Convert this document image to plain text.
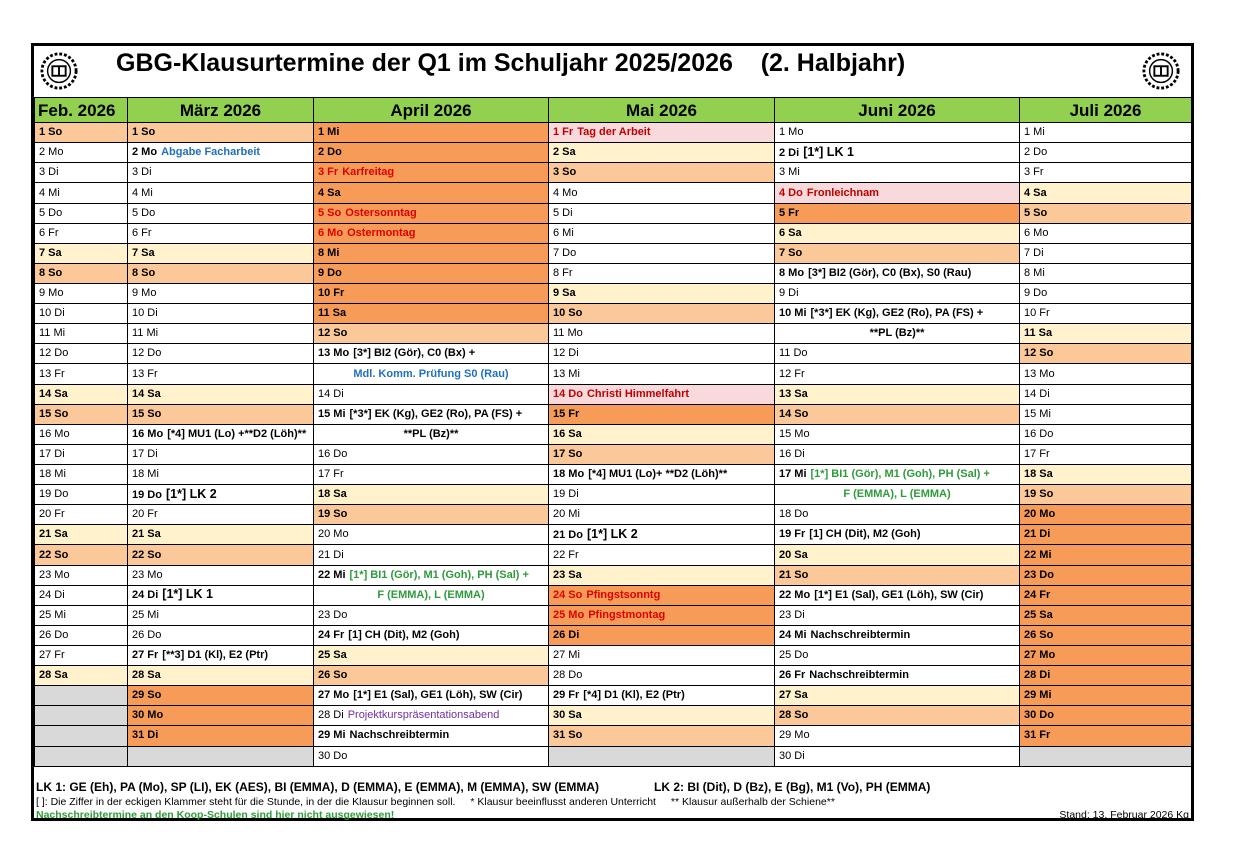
GBG-Klausurtermine der Q1 im Schuljahr 2025/2026    (2. Halbjahr)
Feb. 2026	März 2026	April 2026	Mai 2026	Juni 2026	Juli 2026
1 So	1 So	1 Mi	1 Fr Tag der Arbeit	1 Mo	1 Mi
2 Mo	2 Mo Abgabe Facharbeit	2 Do	2 Sa	2 Di [1*] LK 1	2 Do
3 Di	3 Di	3 Fr Karfreitag	3 So	3 Mi	3 Fr
4 Mi	4 Mi	4 Sa	4 Mo	4 Do Fronleichnam	4 Sa
5 Do	5 Do	5 So Ostersonntag	5 Di	5 Fr	5 So
6 Fr	6 Fr	6 Mo Ostermontag	6 Mi	6 Sa	6 Mo
7 Sa	7 Sa	8 Mi	7 Do	7 So	7 Di
8 So	8 So	9 Do	8 Fr	8 Mo [3*] BI2 (Gör), C0 (Bx), S0 (Rau)	8 Mi
9 Mo	9 Mo	10 Fr	9 Sa	9 Di	9 Do
10 Di	10 Di	11 Sa	10 So	10 Mi [*3*] EK (Kg), GE2 (Ro), PA (FS) +	10 Fr
11 Mi	11 Mi	12 So	11 Mo	**PL (Bz)**	11 Sa
12 Do	12 Do	13 Mo [3*] BI2 (Gör), C0 (Bx) +	12 Di	11 Do	12 So
13 Fr	13 Fr	Mdl. Komm. Prüfung S0 (Rau)	13 Mi	12 Fr	13 Mo
14 Sa	14 Sa	14 Di	14 Do Christi Himmelfahrt	13 Sa	14 Di
15 So	15 So	15 Mi [*3*] EK (Kg), GE2 (Ro), PA (FS) +	15 Fr	14 So	15 Mi
16 Mo	16 Mo [*4] MU1 (Lo) +**D2 (Löh)**	**PL (Bz)**	16 Sa	15 Mo	16 Do
17 Di	17 Di	16 Do	17 So	16 Di	17 Fr
18 Mi	18 Mi	17 Fr	18 Mo [*4] MU1 (Lo)+ **D2 (Löh)**	17 Mi [1*] BI1 (Gör), M1 (Goh), PH (Sal) +	18 Sa
19 Do	19 Do [1*] LK 2	18 Sa	19 Di	F (EMMA), L (EMMA)	19 So
20 Fr	20 Fr	19 So	20 Mi	18 Do	20 Mo
21 Sa	21 Sa	20 Mo	21 Do [1*] LK 2	19 Fr [1] CH (Dit), M2 (Goh)	21 Di
22 So	22 So	21 Di	22 Fr	20 Sa	22 Mi
23 Mo	23 Mo	22 Mi [1*] BI1 (Gör), M1 (Goh), PH (Sal) +	23 Sa	21 So	23 Do
24 Di	24 Di [1*] LK 1	F (EMMA), L (EMMA)	24 So Pfingstsonntg	22 Mo [1*] E1 (Sal), GE1 (Löh), SW (Cir)	24 Fr
25 Mi	25 Mi	23 Do	25 Mo Pfingstmontag	23 Di	25 Sa
26 Do	26 Do	24 Fr [1] CH (Dit), M2 (Goh)	26 Di	24 Mi Nachschreibtermin	26 So
27 Fr	27 Fr [**3] D1 (Kl), E2 (Ptr)	25 Sa	27 Mi	25 Do	27 Mo
28 Sa	28 Sa	26 So	28 Do	26 Fr Nachschreibtermin	28 Di
	29 So	27 Mo [1*] E1 (Sal), GE1 (Löh), SW (Cir)	29 Fr [*4] D1 (Kl), E2 (Ptr)	27 Sa	29 Mi
	30 Mo	28 Di Projektkurspräsentationsabend	30 Sa	28 So	30 Do
	31 Di	29 Mi Nachschreibtermin	31 So	29 Mo	31 Fr
		30 Do		30 Di	
LK 1: GE (Eh), PA (Mo), SP (LI), EK (AES), BI (EMMA), D (EMMA), E (EMMA), M (EMMA), SW (EMMA)	LK 2: BI (Dit), D (Bz), E (Bg), M1 (Vo), PH (EMMA)
[ ]: Die Ziffer in der eckigen Klammer steht für die Stunde, in der die Klausur beginnen soll. * Klausur beeinflusst anderen Unterricht ** Klausur außerhalb der Schiene**
Nachschreibtermine an den Koop-Schulen sind hier nicht ausgewiesen!	Stand: 13. Februar 2026 Kg
